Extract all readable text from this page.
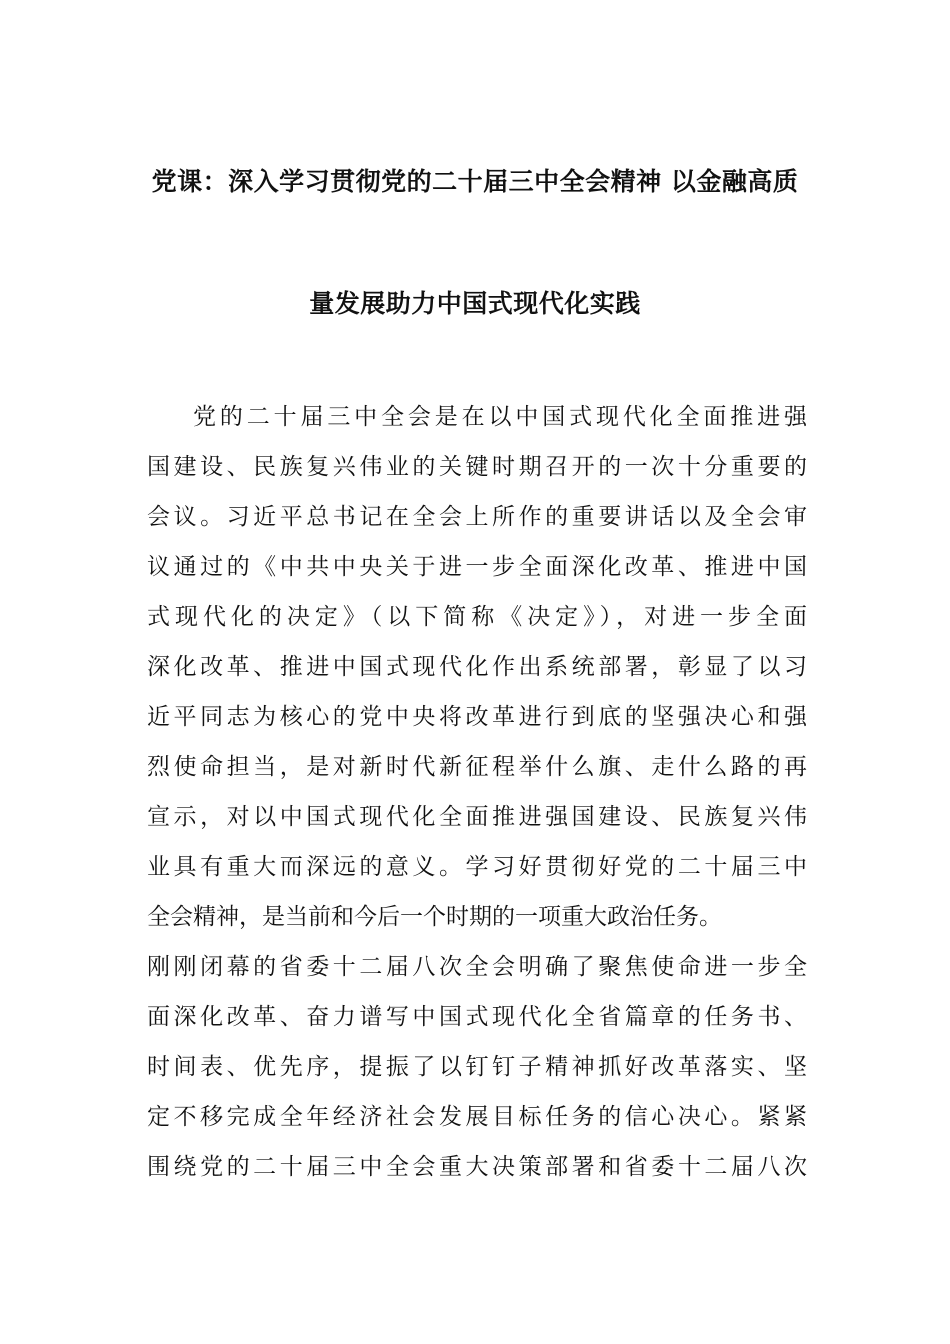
党课：深入学习贯彻党的二十届三中全会精神 以金融高质
量发展助力中国式现代化实践
党的二十届三中全会是在以中国式现代化全面推进强
国建设、民族复兴伟业的关键时期召开的一次十分重要的
会议。习近平总书记在全会上所作的重要讲话以及全会审
议通过的《中共中央关于进一步全面深化改革、推进中国
式现代化的决定》（以下简称《决定》），对进一步全面
深化改革、推进中国式现代化作出系统部署，彰显了以习
近平同志为核心的党中央将改革进行到底的坚强决心和强
烈使命担当，是对新时代新征程举什么旗、走什么路的再
宣示，对以中国式现代化全面推进强国建设、民族复兴伟
业具有重大而深远的意义。学习好贯彻好党的二十届三中
全会精神，是当前和今后一个时期的一项重大政治任务。
刚刚闭幕的省委十二届八次全会明确了聚焦使命进一步全
面深化改革、奋力谱写中国式现代化全省篇章的任务书、
时间表、优先序，提振了以钉钉子精神抓好改革落实、坚
定不移完成全年经济社会发展目标任务的信心决心。紧紧
围绕党的二十届三中全会重大决策部署和省委十二届八次
